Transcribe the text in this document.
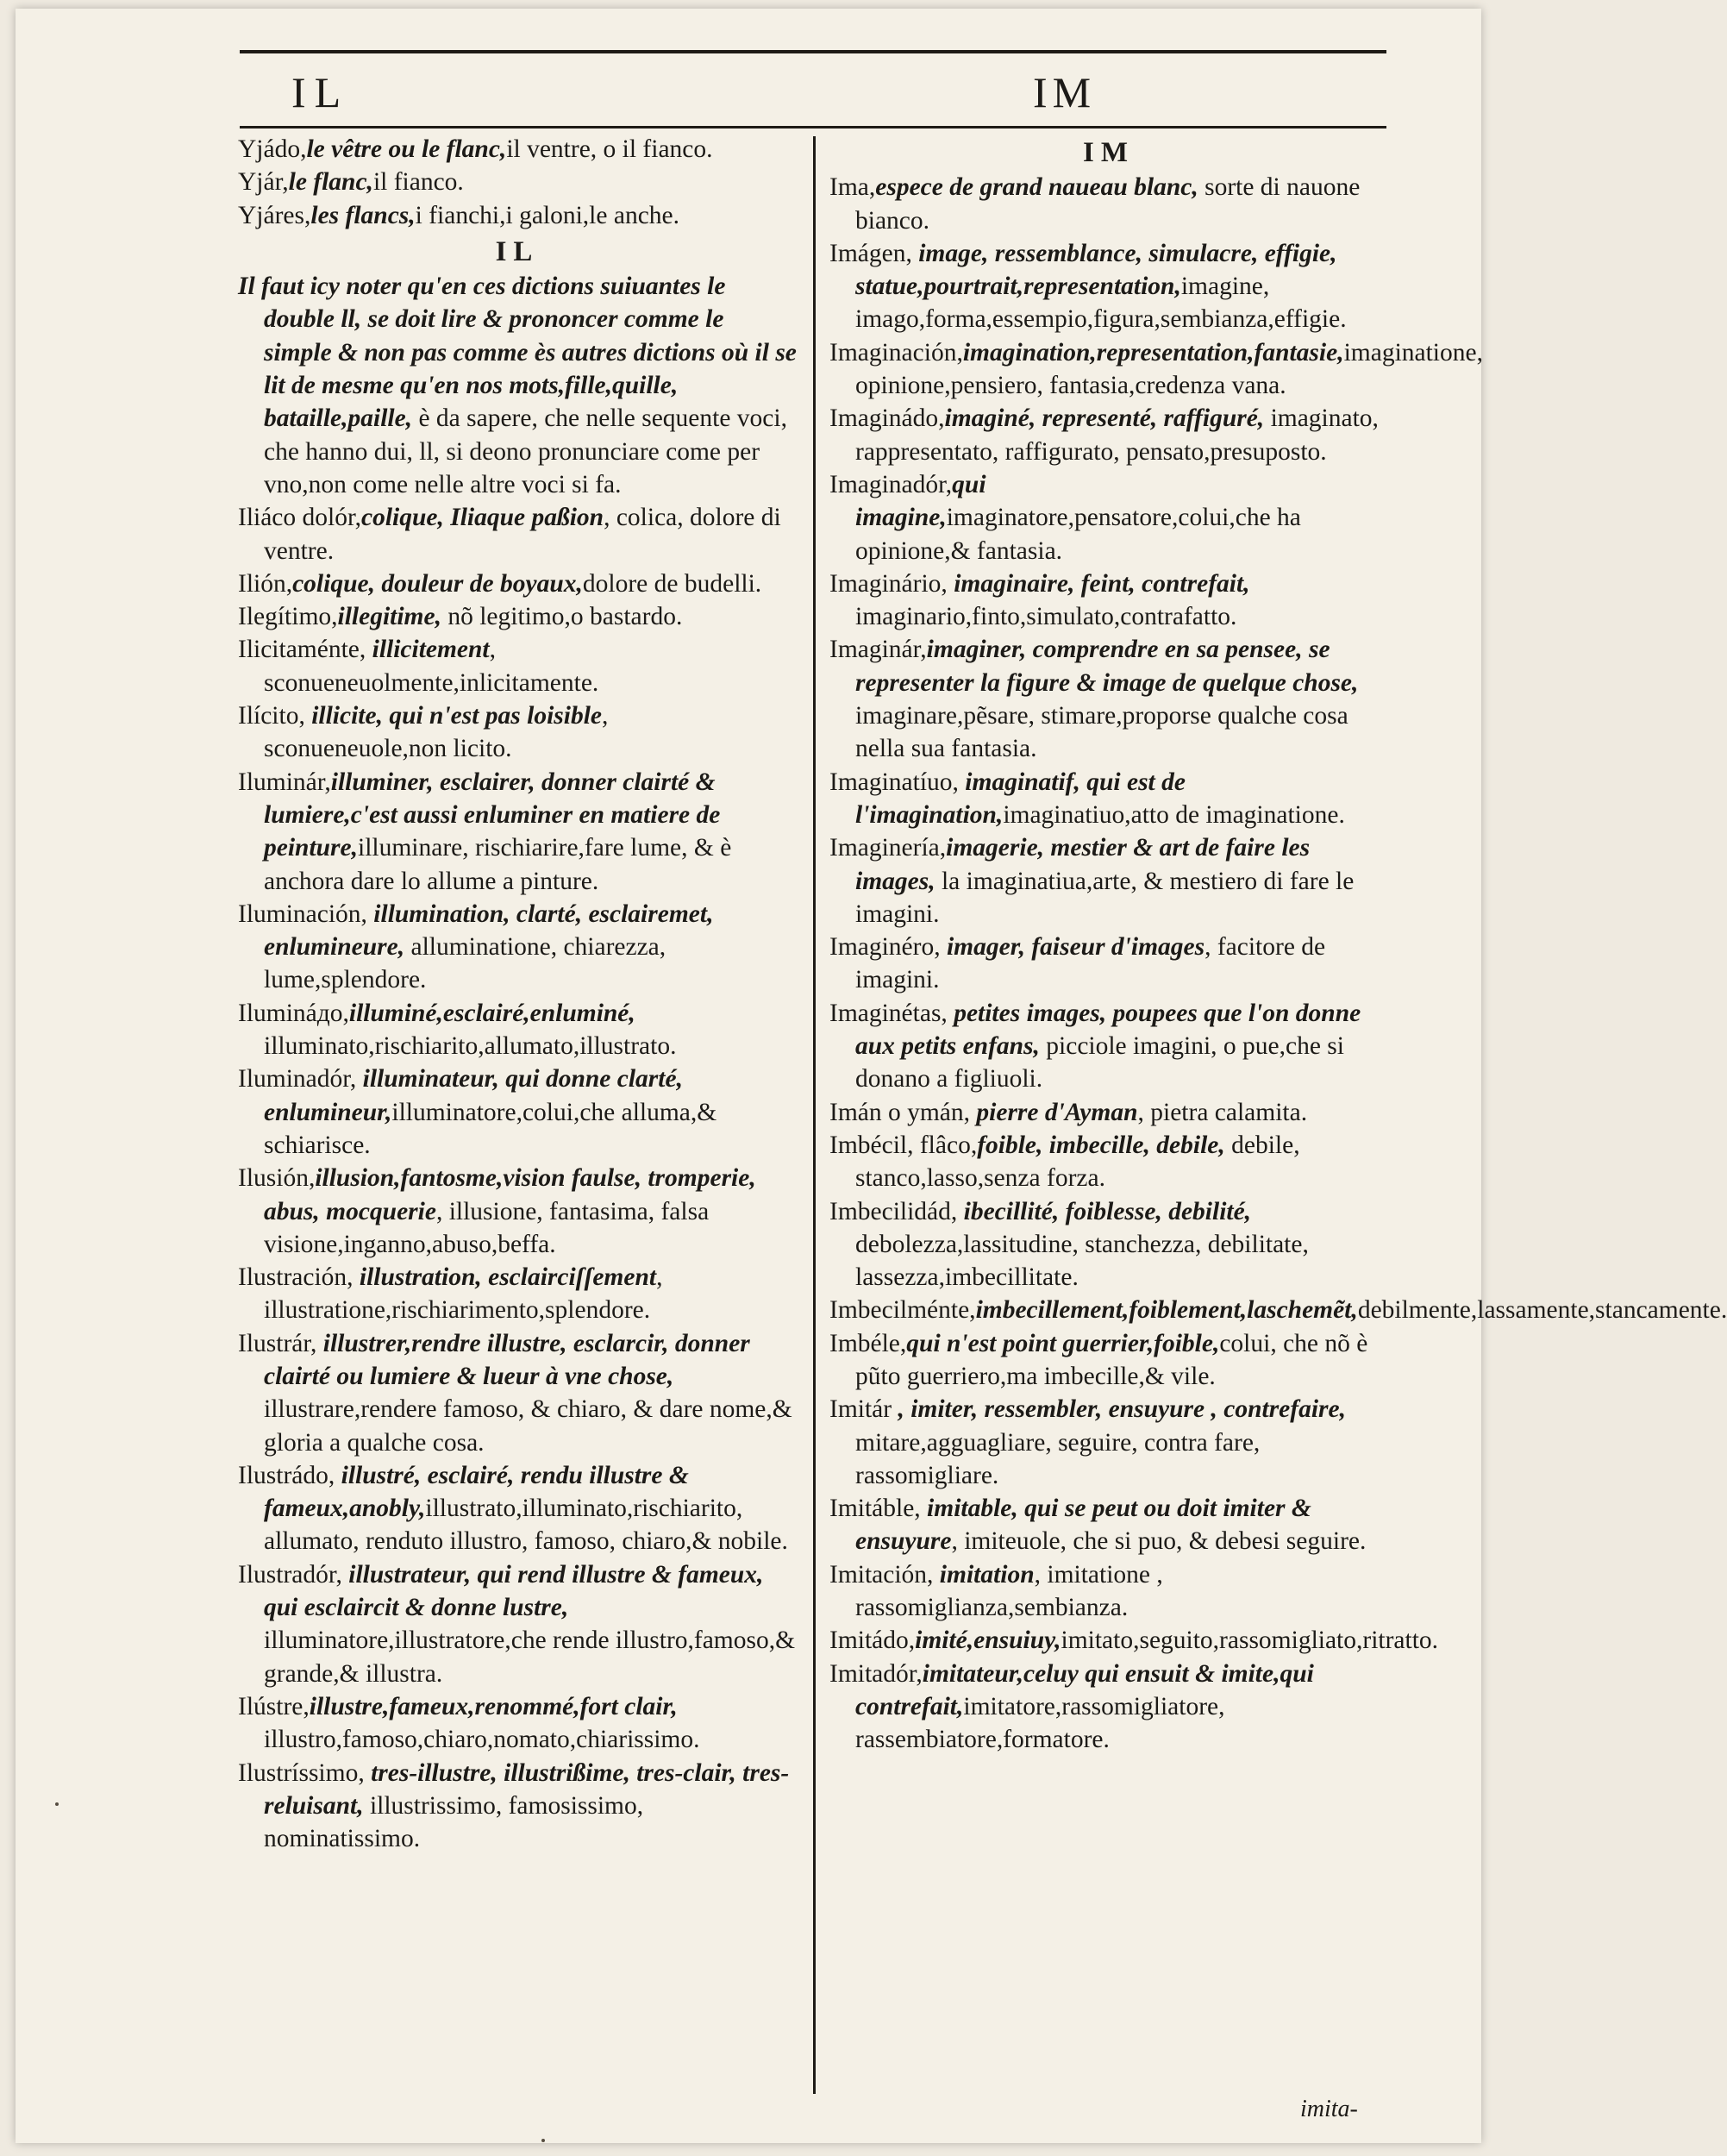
IL	IM
Yjádo,le vêtre ou le flanc,il ventre, o il fianco.
Yjár,le flanc,il fianco.
Yjáres,les flancs,i fianchi,i galoni,le anche.
IL
Il faut icy noter qu'en ces dictions suiuantes le double ll, se doit lire & prononcer comme le simple & non pas comme ès autres dictions où il se lit de mesme qu'en nos mots,fille,quille, bataille,paille, è da sapere, che nelle sequente voci, che hanno dui, ll, si deono pronunciare come per vno,non come nelle altre voci si fa.
Iliáco dolór,colique, Iliaque paßion, colica, dolore di ventre.
Ilión,colique, douleur de boyaux,dolore de budelli.
Ilegítimo,illegitime, nõ legitimo,o bastardo.
Ilicitaménte, illicitement, sconueneuolmente,inlicitamente.
Ilícito, illicite, qui n'est pas loisible, sconueneuole,non licito.
Iluminár,illuminer, esclairer, donner clairté & lumiere,c'est aussi enluminer en matiere de peinture,illuminare, rischiarire,fare lume, & è anchora dare lo allume a pinture.
Iluminación, illumination, clarté, esclairemet, enlumineure, alluminatione, chiarezza, lume,splendore.
Ilumináдо,illuminé,esclairé,enluminé, illuminato,rischiarito,allumato,illustrato.
Iluminadór, illuminateur, qui donne clarté, enlumineur,illuminatore,colui,che alluma,& schiarisce.
Ilusión,illusion,fantosme,vision faulse, tromperie, abus, mocquerie, illusione, fantasima, falsa visione,inganno,abuso,beffa.
Ilustración, illustration, esclairciſſement, illustratione,rischiarimento,splendore.
Ilustrár, illustrer,rendre illustre, esclarcir, donner clairté ou lumiere & lueur à vne chose, illustrare,rendere famoso, & chiaro, & dare nome,& gloria a qualche cosa.
Ilustrádo, illustré, esclairé, rendu illustre & fameux,anobly,illustrato,illuminato,rischiarito, allumato, renduto illustro, famoso, chiaro,& nobile.
Ilustradór, illustrateur, qui rend illustre & fameux, qui esclaircit & donne lustre, illuminatore,illustratore,che rende illustro,famoso,& grande,& illustra.
Ilústre,illustre,fameux,renommé,fort clair, illustro,famoso,chiaro,nomato,chiarissimo.
Ilustríssimo, tres-illustre, illustrißime, tres-clair, tres-reluisant, illustrissimo, famosissimo, nominatissimo.
IM
Ima,espece de grand naueau blanc, sorte di nauone bianco.
Imágen, image, ressemblance, simulacre, effigie, statue,pourtrait,representation,imagine, imago,forma,essempio,figura,sembianza,effigie.
Imaginación,imagination,representation,fantasie,imaginatione, opinione,pensiero, fantasia,credenza vana.
Imaginádo,imaginé, representé, raffiguré, imaginato, rappresentato, raffigurato, pensato,presuposto.
Imaginadór,qui imagine,imaginatore,pensatore,colui,che ha opinione,& fantasia.
Imaginário, imaginaire, feint, contrefait, imaginario,finto,simulato,contrafatto.
Imaginár,imaginer, comprendre en sa pensee, se representer la figure & image de quelque chose, imaginare,pẽsare, stimare,proporse qualche cosa nella sua fantasia.
Imaginatíuo, imaginatif, qui est de l'imagination,imaginatiuo,atto de imaginatione.
Imaginería,imagerie, mestier & art de faire les images, la imaginatiua,arte, & mestiero di fare le imagini.
Imaginéro, imager, faiseur d'images, facitore de imagini.
Imaginétas, petites images, poupees que l'on donne aux petits enfans, picciole imagini, o pue,che si donano a figliuoli.
Imán o ymán, pierre d'Ayman, pietra calamita.
Imbécil, flâco,foible, imbecille, debile, debile, stanco,lasso,senza forza.
Imbecilidád, ibecillité, foiblesse, debilité, debolezza,lassitudine, stanchezza, debilitate, lassezza,imbecillitate.
Imbecilménte,imbecillement,foiblement,laschemẽt,debilmente,lassamente,stancamente.
Imbéle,qui n'est point guerrier,foible,colui, che nõ è pũto guerriero,ma imbecille,& vile.
Imitár , imiter, ressembler, ensuyure , contrefaire, mitare,agguagliare, seguire, contra fare, rassomigliare.
Imitáble, imitable, qui se peut ou doit imiter & ensuyure, imiteuole, che si puo, & debesi seguire.
Imitación, imitation, imitatione , rassomiglianza,sembianza.
Imitádo,imité,ensuiuy,imitato,seguito,rassomigliato,ritratto.
Imitadór,imitateur,celuy qui ensuit & imite,qui contrefait,imitatore,rassomigliatore, rassembiatore,formatore.
imita-
